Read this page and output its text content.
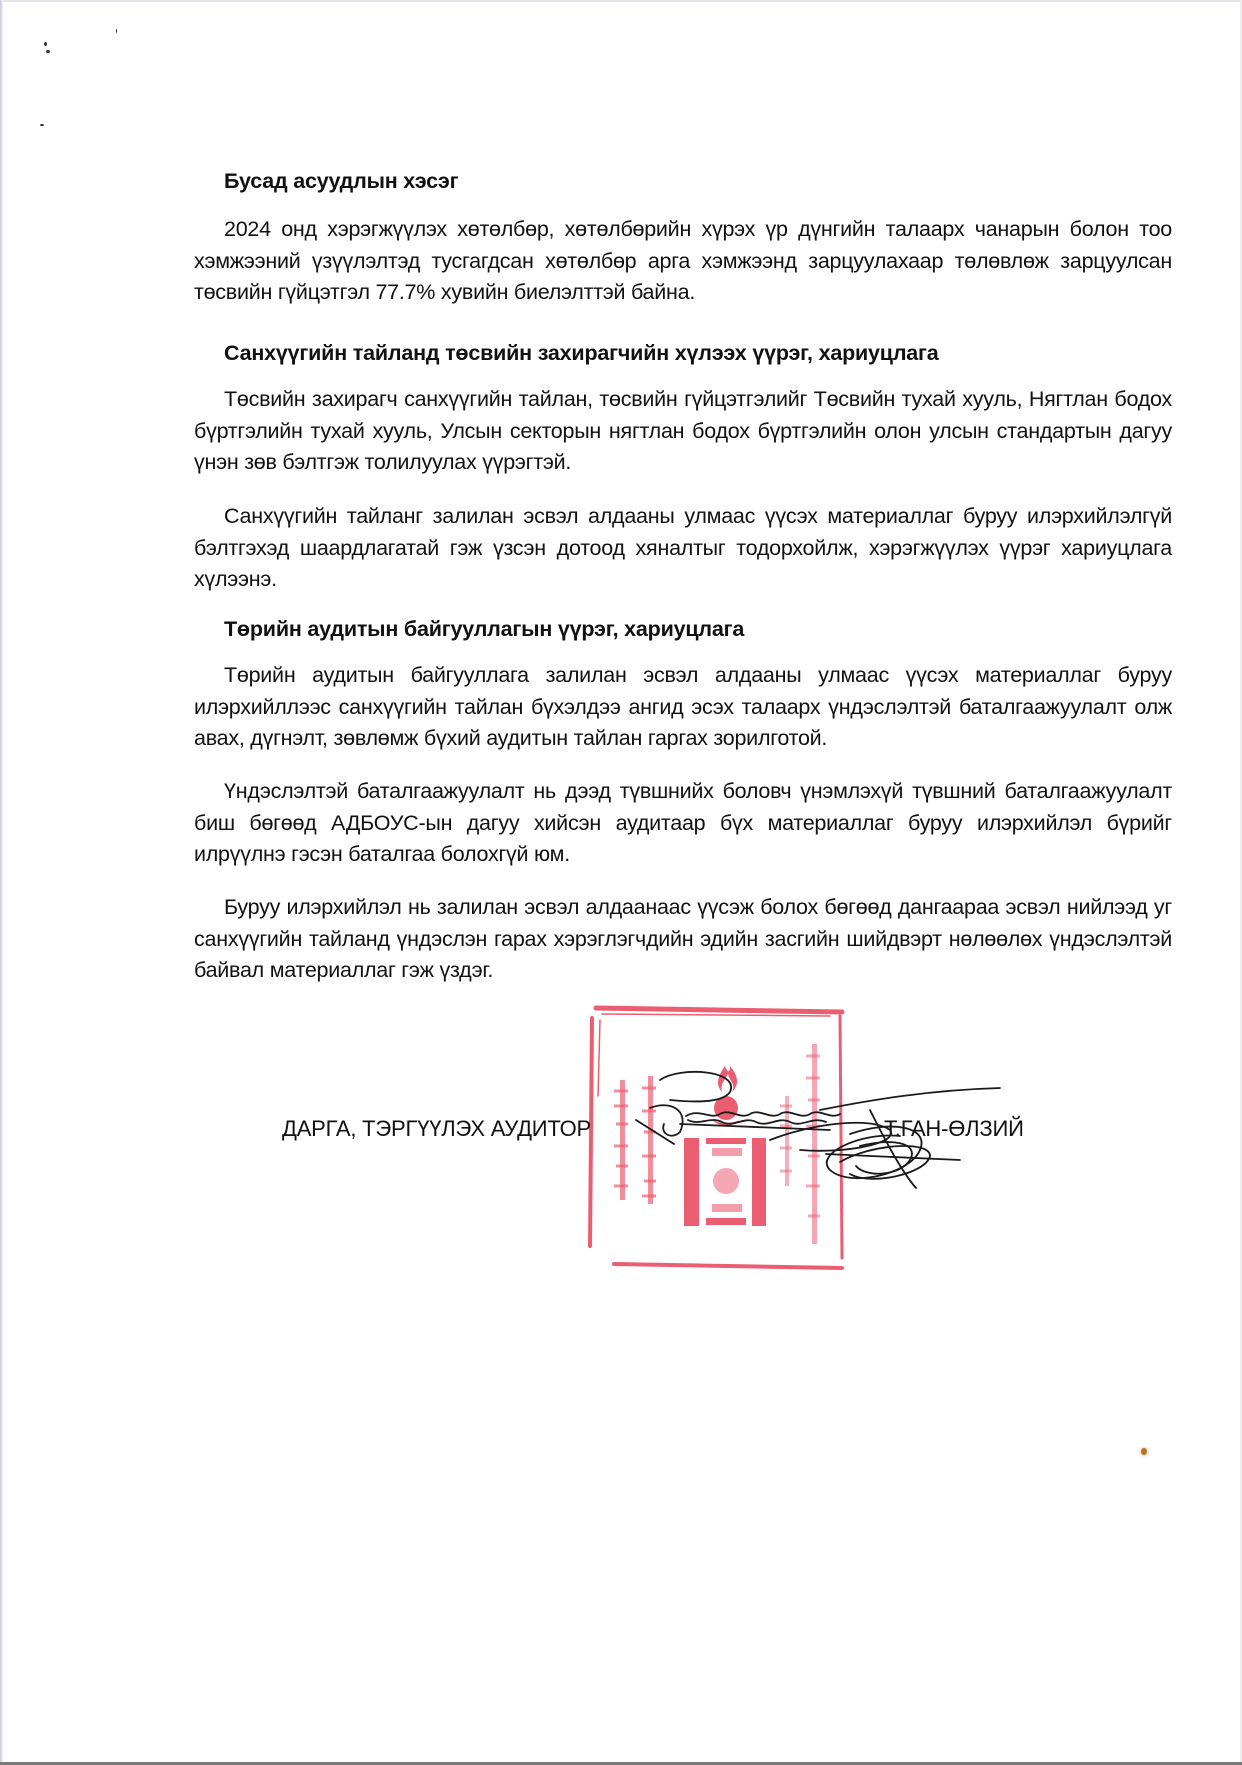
Бусад асуудлын хэсэг

2024 онд хэрэгжүүлэх хөтөлбөр, хөтөлбөрийн хүрэх үр дүнгийн талаарх чанарын болон тоо хэмжээний үзүүлэлтэд тусгагдсан хөтөлбөр арга хэмжээнд зарцуулахаар төлөвлөж зарцуулсан төсвийн гүйцэтгэл 77.7% хувийн биелэлттэй байна.

Санхүүгийн тайланд төсвийн захирагчийн хүлээх үүрэг, хариуцлага

Төсвийн захирагч санхүүгийн тайлан, төсвийн гүйцэтгэлийг Төсвийн тухай хууль, Нягтлан бодох бүртгэлийн тухай хууль, Улсын секторын нягтлан бодох бүртгэлийн олон улсын стандартын дагуу үнэн зөв бэлтгэж толилуулах үүрэгтэй.

Санхүүгийн тайланг залилан эсвэл алдааны улмаас үүсэх материаллаг буруу илэрхийлэлгүй бэлтгэхэд шаардлагатай гэж үзсэн дотоод хяналтыг тодорхойлж, хэрэгжүүлэх үүрэг хариуцлага хүлээнэ.

Төрийн аудитын байгууллагын үүрэг, хариуцлага

Төрийн аудитын байгууллага залилан эсвэл алдааны улмаас үүсэх материаллаг буруу илэрхийллээс санхүүгийн тайлан бүхэлдээ ангид эсэх талаарх үндэслэлтэй баталгаажуулалт олж авах, дүгнэлт, зөвлөмж бүхий аудитын тайлан гаргах зорилготой.

Үндэслэлтэй баталгаажуулалт нь дээд түвшнийх боловч үнэмлэхүй түвшний баталгаажуулалт биш бөгөөд АДБОУС-ын дагуу хийсэн аудитаар бүх материаллаг буруу илэрхийлэл бүрийг илрүүлнэ гэсэн баталгаа болохгүй юм.

Буруу илэрхийлэл нь залилан эсвэл алдаанаас үүсэж болох бөгөөд дангаараа эсвэл нийлээд уг санхүүгийн тайланд үндэслэн гарах хэрэглэгчдийн эдийн засгийн шийдвэрт нөлөөлөх үндэслэлтэй байвал материаллаг гэж үздэг.

ДАРГА, ТЭРГҮҮЛЭХ АУДИТОР	Т.ГАН-ӨЛЗИЙ
